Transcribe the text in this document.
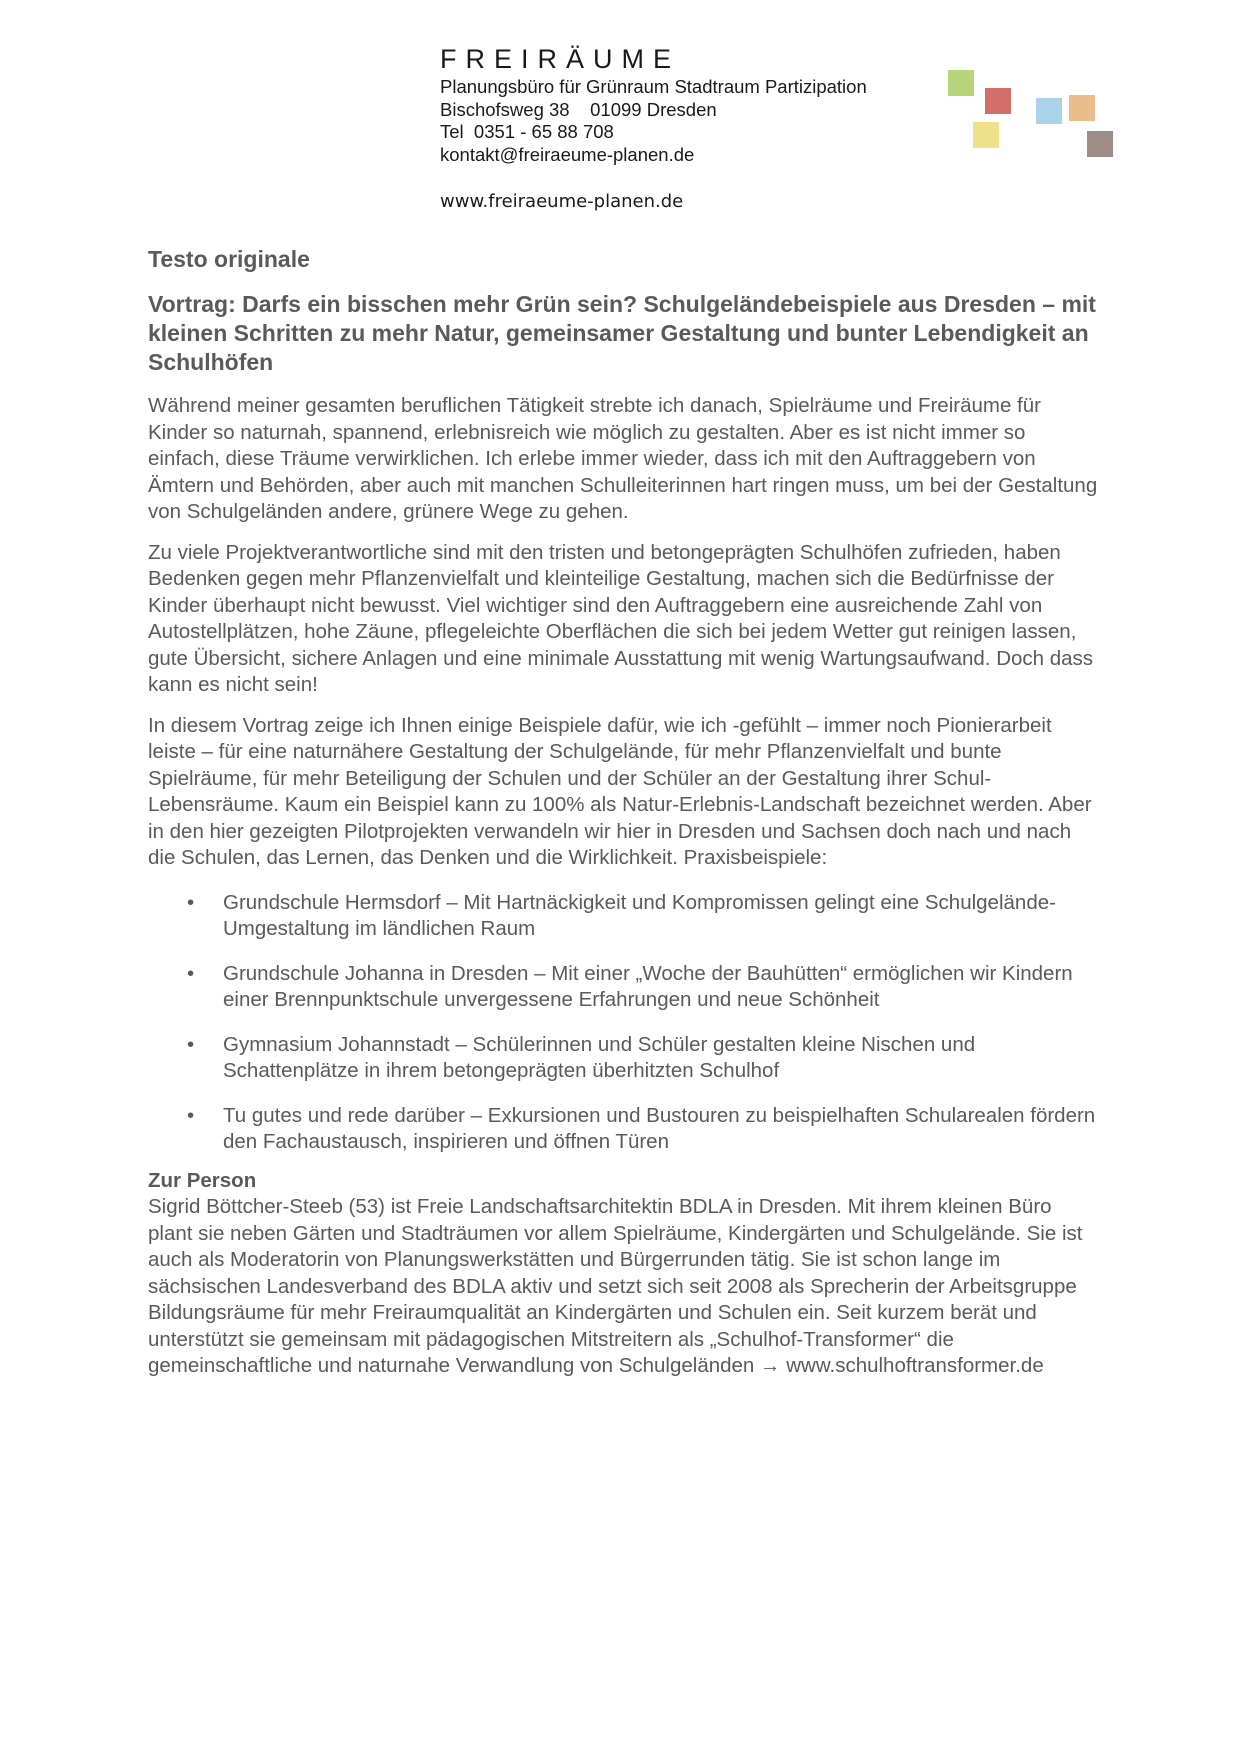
FREIRÄUME

Planungsbüro für Grünraum Stadtraum Partizipation

Bischofsweg 38    01099 Dresden

Tel  0351 - 65 88 708

kontakt@freiraeume-planen.de

www.freiraeume-planen.de
Testo originale
Vortrag: Darfs ein bisschen mehr Grün sein? Schulgeländebeispiele aus Dresden – mit kleinen Schritten zu mehr Natur, gemeinsamer Gestaltung und bunter Lebendigkeit an Schulhöfen

Während meiner gesamten beruflichen Tätigkeit strebte ich danach, Spielräume und Freiräume für Kinder so naturnah, spannend, erlebnisreich wie möglich zu gestalten. Aber es ist nicht immer so einfach, diese Träume verwirklichen. Ich erlebe immer wieder, dass ich mit den Auftraggebern von Ämtern und Behörden, aber auch mit manchen Schulleiterinnen hart ringen muss, um bei der Gestaltung von Schulgeländen andere, grünere Wege zu gehen.

Zu viele Projektverantwortliche sind mit den tristen und betongeprägten Schulhöfen zufrieden, haben Bedenken gegen mehr Pflanzenvielfalt und kleinteilige Gestaltung, machen sich die Bedürfnisse der Kinder überhaupt nicht bewusst. Viel wichtiger sind den Auftraggebern eine ausreichende Zahl von Autostellplätzen, hohe Zäune, pflegeleichte Oberflächen die sich bei jedem Wetter gut reinigen lassen, gute Übersicht, sichere Anlagen und eine minimale Ausstattung mit wenig Wartungsaufwand. Doch dass kann es nicht sein!

In diesem Vortrag zeige ich Ihnen einige Beispiele dafür, wie ich -gefühlt – immer noch Pionierarbeit leiste – für eine naturnähere Gestaltung der Schulgelände, für mehr Pflanzenvielfalt und bunte Spielräume, für mehr Beteiligung der Schulen und der Schüler an der Gestaltung ihrer Schul-Lebensräume. Kaum ein Beispiel kann zu 100% als Natur-Erlebnis-Landschaft bezeichnet werden. Aber in den hier gezeigten Pilotprojekten verwandeln wir hier in Dresden und Sachsen doch nach und nach die Schulen, das Lernen, das Denken und die Wirklichkeit. Praxisbeispiele:

• Grundschule Hermsdorf – Mit Hartnäckigkeit und Kompromissen gelingt eine Schulgelände-Umgestaltung im ländlichen Raum
• Grundschule Johanna in Dresden – Mit einer „Woche der Bauhütten“ ermöglichen wir Kindern einer Brennpunktschule unvergessene Erfahrungen und neue Schönheit
• Gymnasium Johannstadt – Schülerinnen und Schüler gestalten kleine Nischen und Schattenplätze in ihrem betongeprägten überhitzten Schulhof
• Tu gutes und rede darüber – Exkursionen und Bustouren zu beispielhaften Schularealen fördern den Fachaustausch, inspirieren und öffnen Türen

Zur Person

Sigrid Böttcher-Steeb (53) ist Freie Landschaftsarchitektin BDLA in Dresden. Mit ihrem kleinen Büro plant sie neben Gärten und Stadträumen vor allem Spielräume, Kindergärten und Schulgelände. Sie ist auch als Moderatorin von Planungswerkstätten und Bürgerrunden tätig. Sie ist schon lange im sächsischen Landesverband des BDLA aktiv und setzt sich seit 2008 als Sprecherin der Arbeitsgruppe Bildungsräume für mehr Freiraumqualität an Kindergärten und Schulen ein. Seit kurzem berät und unterstützt sie gemeinsam mit pädagogischen Mitstreitern als „Schulhof-Transformer“ die gemeinschaftliche und naturnahe Verwandlung von Schulgeländen → www.schulhoftransformer.de
